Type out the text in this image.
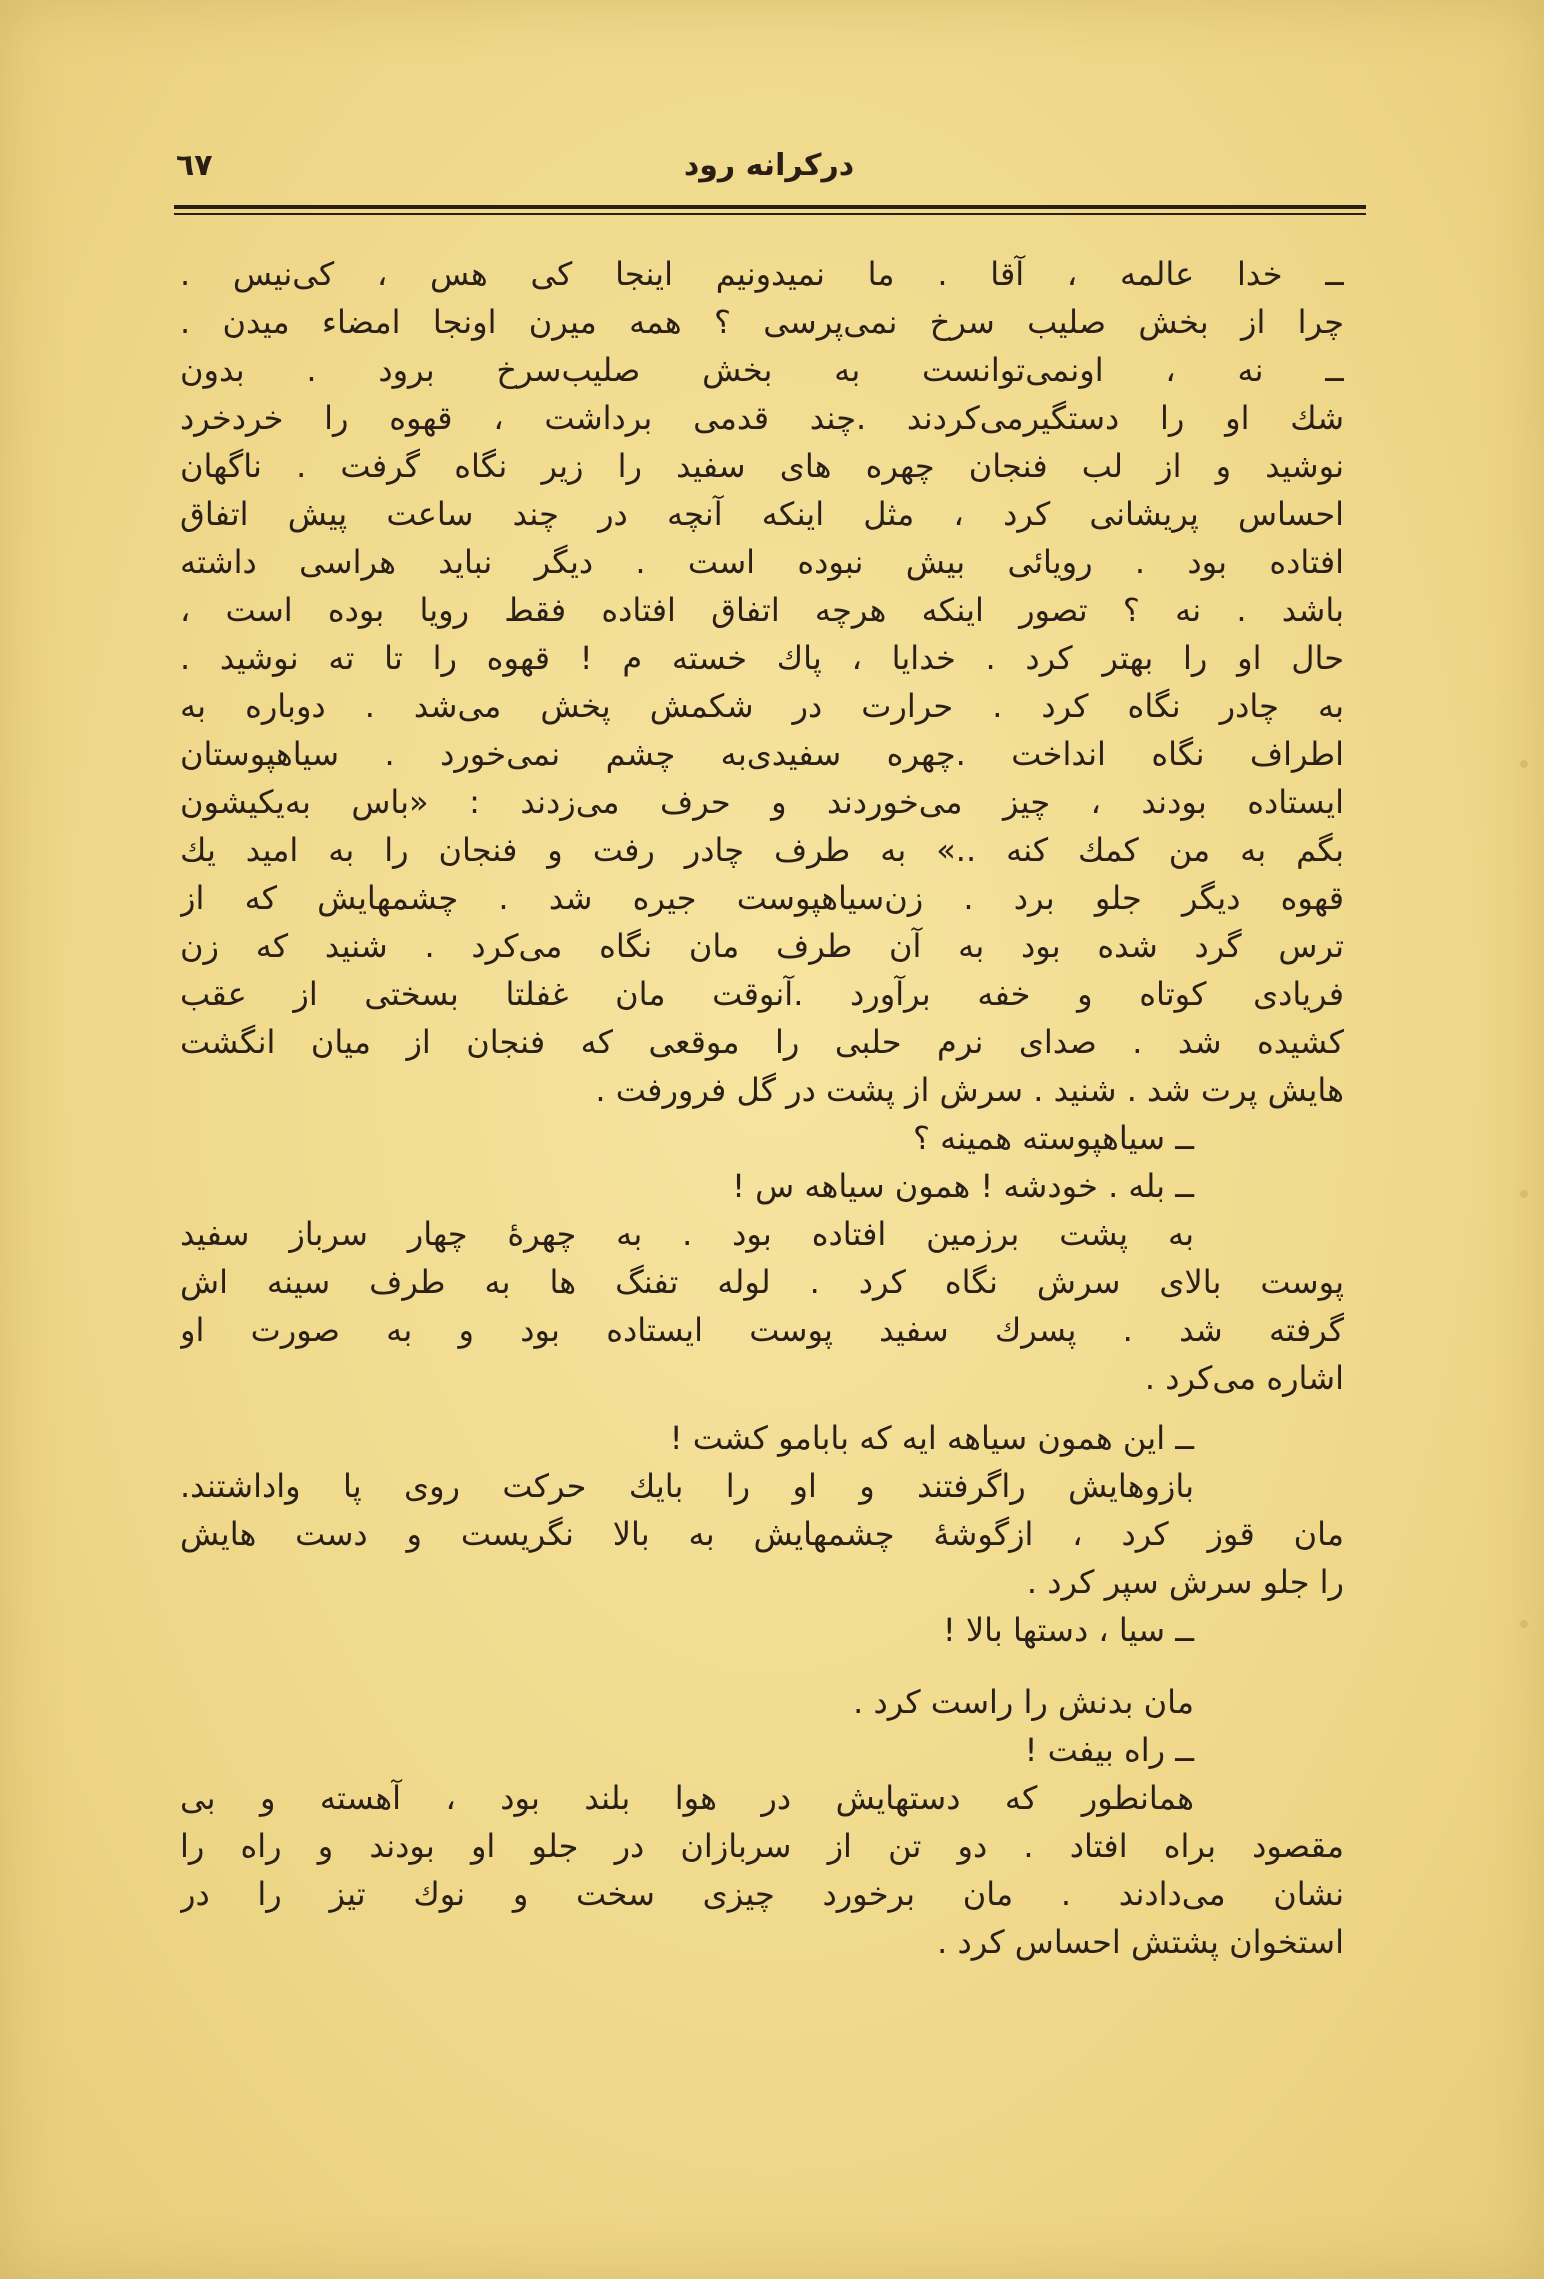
درکرانه رود
٦٧
ــ خدا عالمه ، آقا . ما نمیدونیم اینجا کی هس ، کی‌نیس .
چرا از بخش صلیب سرخ نمی‌پرسی ؟ همه میرن اونجا امضاء میدن .
ــ نه ، اونمی‌توانست به بخش صلیب‌سرخ برود . بدون
شك او را دستگیرمی‌کردند .چند قدمی برداشت ، قهوه را خردخرد
نوشید و از لب فنجان چهره های سفید را زیر نگاه گرفت . ناگهان
احساس پریشانی کرد ، مثل اینکه آنچه در چند ساعت پیش اتفاق
افتاده بود . رویائی بیش نبوده است . دیگر نباید هراسی داشته
باشد . نه ؟ تصور اینکه هرچه اتفاق افتاده فقط رویا بوده است ،
حال او را بهتر کرد . خدایا ، پاك خسته م ! قهوه را تا ته نوشید .
به چادر نگاه کرد . حرارت در شکمش پخش می‌شد . دوباره به
اطراف نگاه انداخت .چهره سفیدی‌به چشم نمی‌خورد . سیاهپوستان
ایستاده بودند ، چیز می‌خوردند و حرف می‌زدند : «باس به‌یکیشون
بگم به من کمك کنه ..» به طرف چادر رفت و فنجان را به امید یك
قهوه دیگر جلو برد . زن‌سیاهپوست جیره شد . چشمهایش که از
ترس گرد شده بود به آن طرف مان نگاه می‌کرد . شنید که زن
فریادی کوتاه و خفه برآورد .آنوقت مان غفلتا بسختی از عقب
کشیده شد . صدای نرم حلبی را موقعی که فنجان از میان انگشت
هایش پرت شد . شنید . سرش از پشت در گل فرورفت .
ــ سیاهپوسته همینه ؟
ــ بله . خودشه ! همون سیاهه س !
به پشت برزمین افتاده بود . به چهرهٔ چهار سرباز سفید
پوست بالای سرش نگاه کرد . لوله تفنگ ها به طرف سینه اش
گرفته شد . پسرك سفید پوست ایستاده بود و به صورت او
اشاره می‌کرد .
ــ این همون سیاهه ایه که بابامو کشت !
بازوهایش راگرفتند و او را بایك حرکت روی پا واداشتند.
مان قوز کرد ، ازگوشهٔ چشمهایش به بالا نگریست و دست هایش
را جلو سرش سپر کرد .
ــ سیا ، دستها بالا !
مان بدنش را راست کرد .
ــ راه بیفت !
همانطور که دستهایش در هوا بلند بود ، آهسته و بی
مقصود براه افتاد . دو تن از سربازان در جلو او بودند و راه را
نشان می‌دادند . مان برخورد چیزی سخت و نوك تیز را در
استخوان پشتش احساس کرد .
